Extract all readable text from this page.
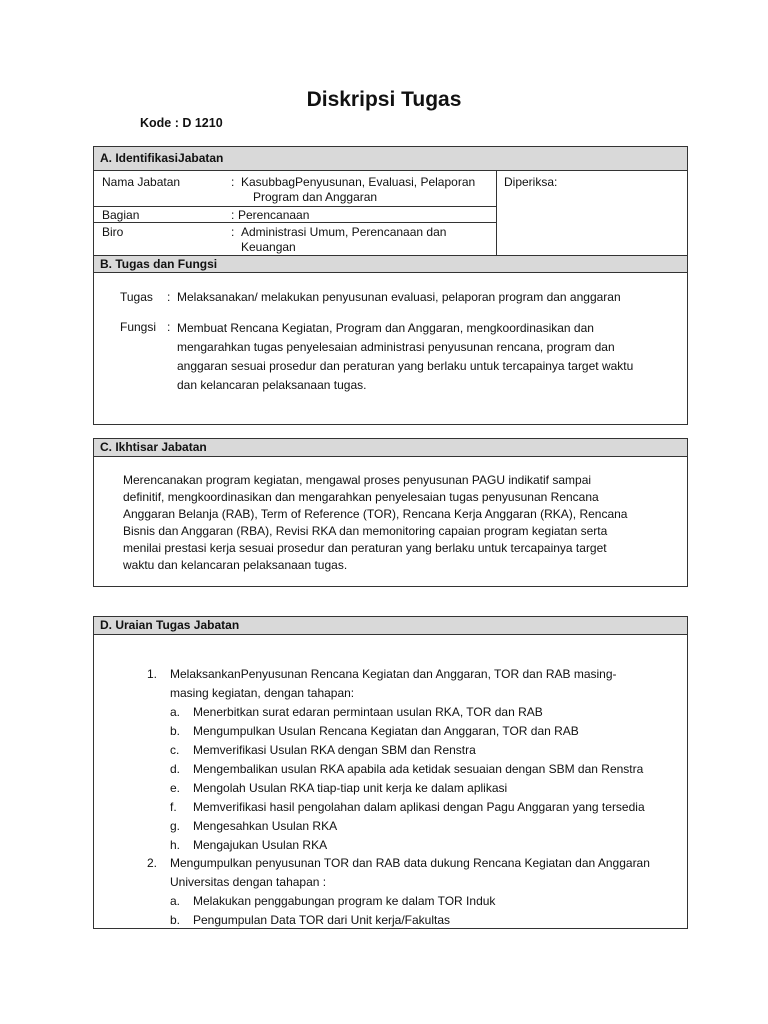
Diskripsi Tugas
Kode : D 1210
A. IdentifikasiJabatan
Nama Jabatan	: KasubbagPenyusunan, Evaluasi, Pelaporan
Program dan Anggaran
Diperiksa:
Bagian	: Perencanaan
Biro	: Administrasi Umum, Perencanaan dan
Keuangan
B. Tugas dan Fungsi
Tugas : Melaksanakan/ melakukan penyusunan evaluasi, pelaporan program dan anggaran
Fungsi : Membuat Rencana Kegiatan, Program dan Anggaran, mengkoordinasikan dan
mengarahkan tugas penyelesaian administrasi penyusunan rencana, program dan
anggaran sesuai prosedur dan peraturan yang berlaku untuk tercapainya target waktu
dan kelancaran pelaksanaan tugas.
C. Ikhtisar Jabatan
Merencanakan program kegiatan, mengawal proses penyusunan PAGU indikatif sampai
definitif, mengkoordinasikan dan mengarahkan penyelesaian tugas penyusunan Rencana
Anggaran Belanja (RAB), Term of Reference (TOR), Rencana Kerja Anggaran (RKA), Rencana
Bisnis dan Anggaran (RBA), Revisi RKA dan memonitoring capaian program kegiatan serta
menilai prestasi kerja sesuai prosedur dan peraturan yang berlaku untuk tercapainya target
waktu dan kelancaran pelaksanaan tugas.
D. Uraian Tugas Jabatan
1. MelaksankanPenyusunan Rencana Kegiatan dan Anggaran, TOR dan RAB masing-
masing kegiatan, dengan tahapan:
a. Menerbitkan surat edaran permintaan usulan RKA, TOR dan RAB
b. Mengumpulkan Usulan Rencana Kegiatan dan Anggaran, TOR dan RAB
c. Memverifikasi Usulan RKA dengan SBM dan Renstra
d. Mengembalikan usulan RKA apabila ada ketidak sesuaian dengan SBM dan Renstra
e. Mengolah Usulan RKA tiap-tiap unit kerja ke dalam aplikasi
f. Memverifikasi hasil pengolahan dalam aplikasi dengan Pagu Anggaran yang tersedia
g. Mengesahkan Usulan RKA
h. Mengajukan Usulan RKA
2. Mengumpulkan penyusunan TOR dan RAB data dukung Rencana Kegiatan dan Anggaran
Universitas dengan tahapan :
a. Melakukan penggabungan program ke dalam TOR Induk
b. Pengumpulan Data TOR dari Unit kerja/Fakultas
